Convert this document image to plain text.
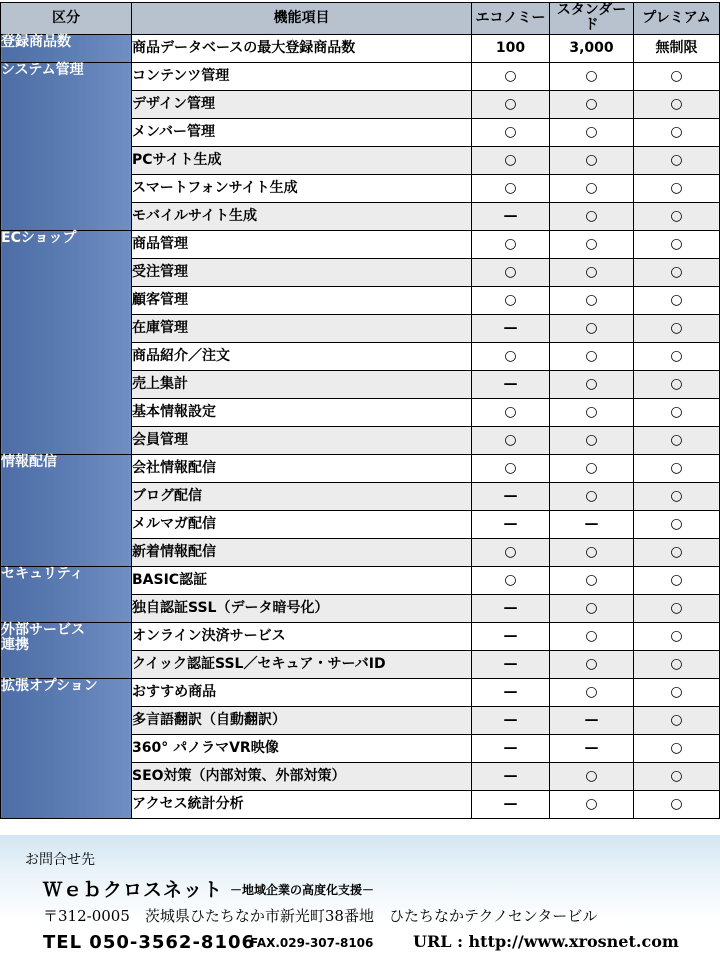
区分	機能項目	エコノミー	スタンダード	プレミアム
登録商品数	商品データベースの最大登録商品数	100	3,000	無制限
システム管理	コンテンツ管理	○	○	○
	デザイン管理	○	○	○
	メンバー管理	○	○	○
	PCサイト生成	○	○	○
	スマートフォンサイト生成	○	○	○
	モバイルサイト生成	—	○	○
ECショップ	商品管理	○	○	○
	受注管理	○	○	○
	顧客管理	○	○	○
	在庫管理	—	○	○
	商品紹介／注文	○	○	○
	売上集計	—	○	○
	基本情報設定	○	○	○
	会員管理	○	○	○
情報配信	会社情報配信	○	○	○
	ブログ配信	—	○	○
	メルマガ配信	—	—	○
	新着情報配信	○	○	○
セキュリティ	BASIC認証	○	○	○
	独自認証SSL（データ暗号化）	—	○	○
外部サービス
連携	オンライン決済サービス	—	○	○
	クイック認証SSL／セキュア・サーバID	—	○	○
拡張オプション	おすすめ商品	—	○	○
	多言語翻訳（自動翻訳）	—	—	○
	360° パノラマVR映像	—	—	○
	SEO対策（内部対策、外部対策）	—	○	○
	アクセス統計分析	—	○	○
お問合せ先
Ｗｅｂクロスネット －地域企業の高度化支援－
〒312-0005　茨城県ひたちなか市新光町38番地　ひたちなかテクノセンタービル
TEL 050-3562-8106
FAX.029-307-8106 URL : http://www.xrosnet.com
